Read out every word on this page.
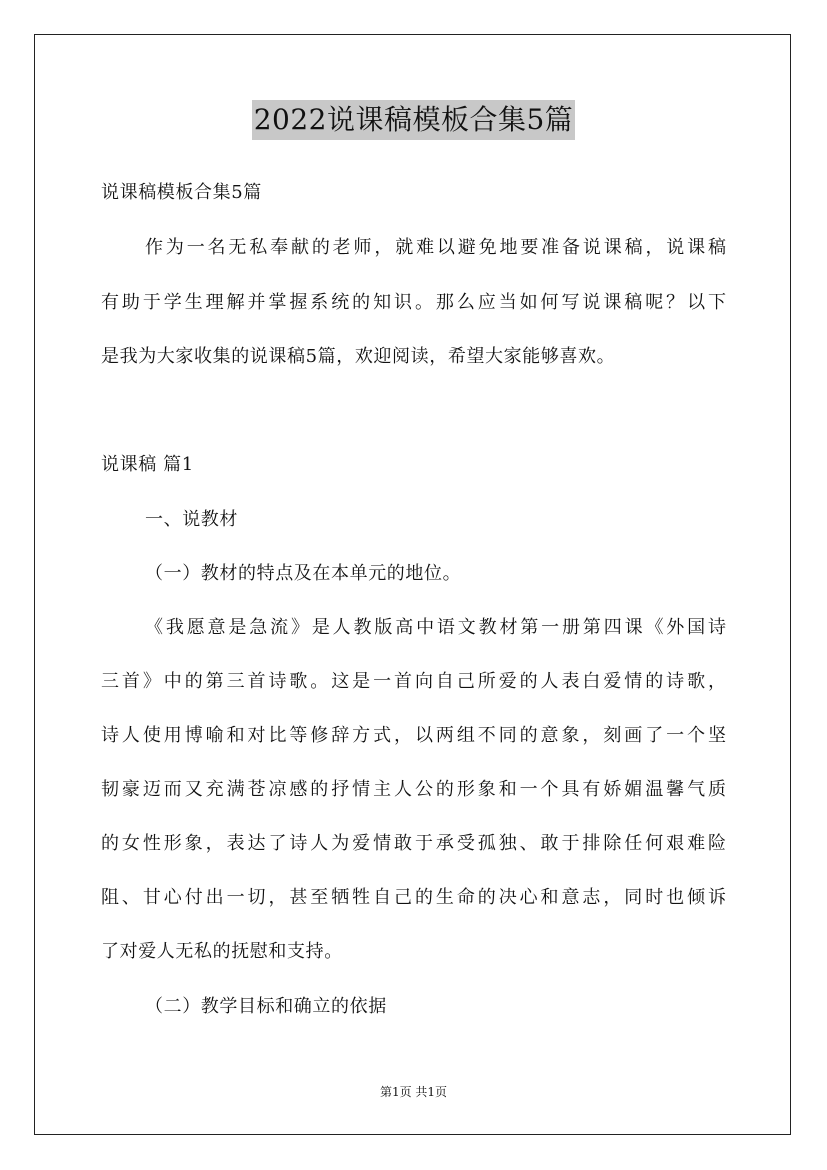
2022说课稿模板合集5篇
说课稿模板合集5篇
作为一名无私奉献的老师，就难以避免地要准备说课稿，说课稿
有助于学生理解并掌握系统的知识。那么应当如何写说课稿呢？以下
是我为大家收集的说课稿5篇，欢迎阅读，希望大家能够喜欢。
说课稿 篇1
一、说教材
（一）教材的特点及在本单元的地位。
《我愿意是急流》是人教版高中语文教材第一册第四课《外国诗
三首》中的第三首诗歌。这是一首向自己所爱的人表白爱情的诗歌，
诗人使用博喻和对比等修辞方式，以两组不同的意象，刻画了一个坚
韧豪迈而又充满苍凉感的抒情主人公的形象和一个具有娇媚温馨气质
的女性形象，表达了诗人为爱情敢于承受孤独、敢于排除任何艰难险
阻、甘心付出一切，甚至牺牲自己的生命的决心和意志，同时也倾诉
了对爱人无私的抚慰和支持。
（二）教学目标和确立的依据
第1页 共1页
